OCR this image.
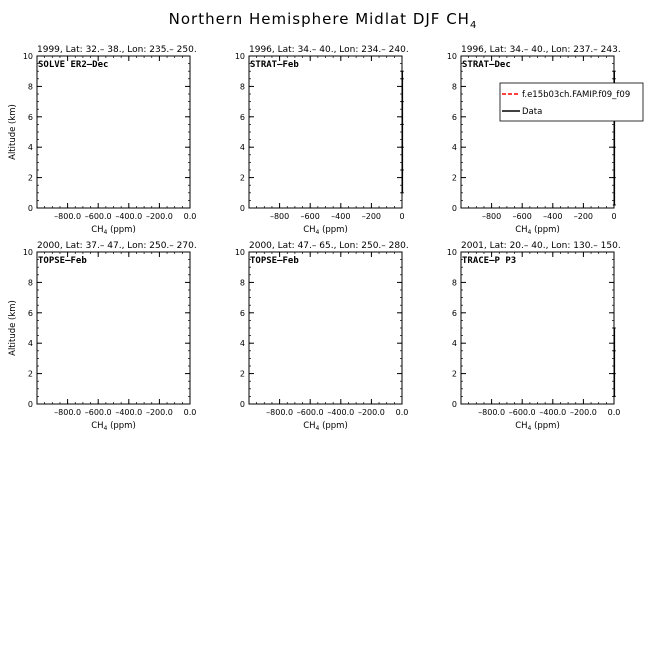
Northern Hemisphere Midlat DJF $CH_4$
1999, Lat: 32.– 38., Lon: 235.– 250.
SOLVE ER2–Dec
–800.0 –600.0 –400.0 –200.0 0.0
0
2
4
6
8
10
$CH_4$ (ppm)
Altitude (km)
1996, Lat: 34.– 40., Lon: 234.– 240.
STRAT–Feb
–800 –600 –400 –200 0
0
2
4
6
8
10
$CH_4$ (ppm)
1996, Lat: 34.– 40., Lon: 237.– 243.
STRAT–Dec
–800 –600 –400 –200 0
0
2
4
6
8
10
$CH_4$ (ppm)
f.e15b03ch.FAMIP.f09_f09
Data
2000, Lat: 37.– 47., Lon: 250.– 270.
TOPSE–Feb
–800.0 –600.0 –400.0 –200.0 0.0
0
2
4
6
8
10
$CH_4$ (ppm)
Altitude (km)
2000, Lat: 47.– 65., Lon: 250.– 280.
TOPSE–Feb
–800.0 –600.0 –400.0 –200.0 0.0
0
2
4
6
8
10
$CH_4$ (ppm)
2001, Lat: 20.– 40., Lon: 130.– 150.
TRACE–P P3
–800.0 –600.0 –400.0 –200.0 0.0
0
2
4
6
8
10
$CH_4$ (ppm)
